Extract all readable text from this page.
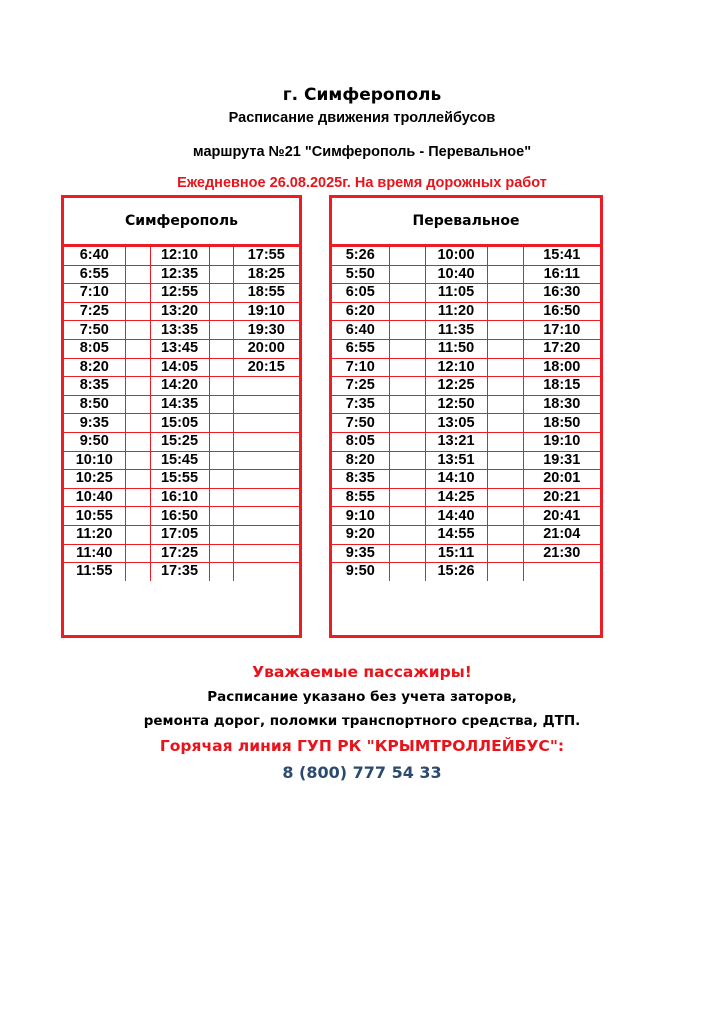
г. Симферополь
Расписание движения троллейбусов
маршрута №21 "Симферополь - Перевальное"
Ежедневное 26.08.2025г. На время дорожных работ
Симферополь
6:40		12:10		17:55
6:55		12:35		18:25
7:10		12:55		18:55
7:25		13:20		19:10
7:50		13:35		19:30
8:05		13:45		20:00
8:20		14:05		20:15
8:35		14:20		
8:50		14:35		
9:35		15:05		
9:50		15:25		
10:10		15:45		
10:25		15:55		
10:40		16:10		
10:55		16:50		
11:20		17:05		
11:40		17:25		
11:55		17:35		
Перевальное
5:26		10:00		15:41
5:50		10:40		16:11
6:05		11:05		16:30
6:20		11:20		16:50
6:40		11:35		17:10
6:55		11:50		17:20
7:10		12:10		18:00
7:25		12:25		18:15
7:35		12:50		18:30
7:50		13:05		18:50
8:05		13:21		19:10
8:20		13:51		19:31
8:35		14:10		20:01
8:55		14:25		20:21
9:10		14:40		20:41
9:20		14:55		21:04
9:35		15:11		21:30
9:50		15:26		
Уважаемые пассажиры!
Расписание указано без учета заторов,
ремонта дорог, поломки транспортного средства, ДТП.
Горячая линия ГУП РК "КРЫМТРОЛЛЕЙБУС":
8 (800) 777 54 33
